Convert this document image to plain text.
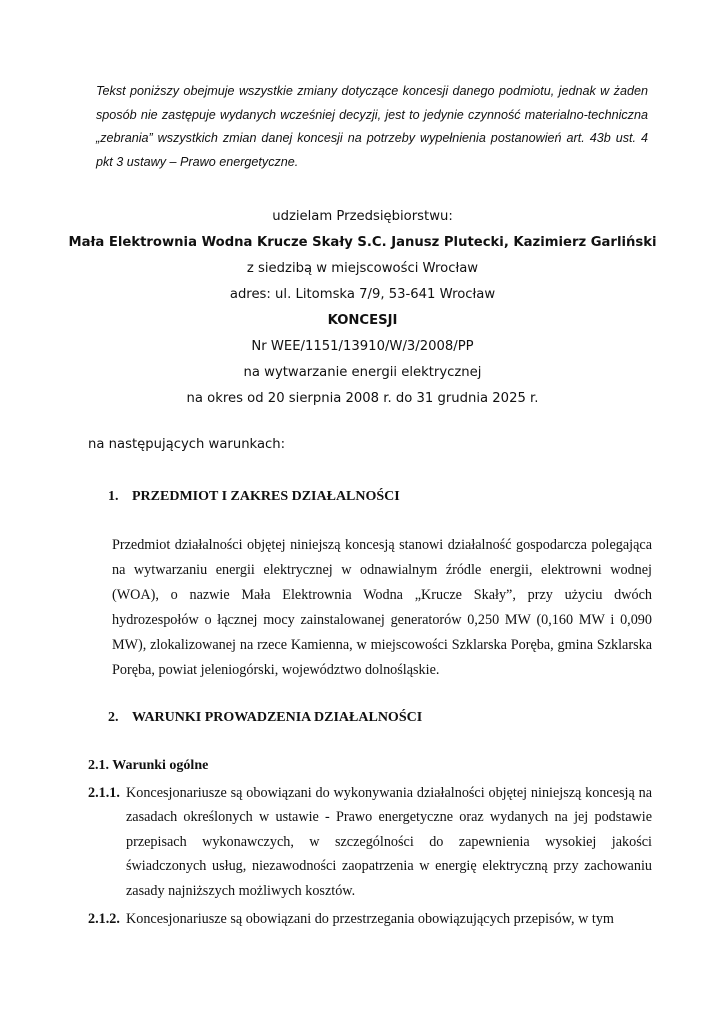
Tekst poniższy obejmuje wszystkie zmiany dotyczące koncesji danego podmiotu, jednak w żaden sposób nie zastępuje wydanych wcześniej decyzji, jest to jedynie czynność materialno-techniczna „zebrania” wszystkich zmian danej koncesji na potrzeby wypełnienia postanowień art. 43b ust. 4 pkt 3 ustawy – Prawo energetyczne.

udzielam Przedsiębiorstwu:
Mała Elektrownia Wodna Krucze Skały S.C. Janusz Plutecki, Kazimierz Garliński
z siedzibą w miejscowości Wrocław
adres: ul. Litomska 7/9, 53-641 Wrocław
KONCESJI
Nr WEE/1151/13910/W/3/2008/PP
na wytwarzanie energii elektrycznej
na okres od 20 sierpnia 2008 r. do 31 grudnia 2025 r.

na następujących warunkach:

1. PRZEDMIOT I ZAKRES DZIAŁALNOŚCI

Przedmiot działalności objętej niniejszą koncesją stanowi działalność gospodarcza polegająca na wytwarzaniu energii elektrycznej w odnawialnym źródle energii, elektrowni wodnej (WOA), o nazwie Mała Elektrownia Wodna „Krucze Skały”, przy użyciu dwóch hydrozespołów o łącznej mocy zainstalowanej generatorów 0,250 MW (0,160 MW i 0,090 MW), zlokalizowanej na rzece Kamienna, w miejscowości Szklarska Poręba, gmina Szklarska Poręba, powiat jeleniogórski, województwo dolnośląskie.

2. WARUNKI PROWADZENIA DZIAŁALNOŚCI

2.1. Warunki ogólne

2.1.1. Koncesjonariusze są obowiązani do wykonywania działalności objętej niniejszą koncesją na zasadach określonych w ustawie - Prawo energetyczne oraz wydanych na jej podstawie przepisach wykonawczych, w szczególności do zapewnienia wysokiej jakości świadczonych usług, niezawodności zaopatrzenia w energię elektryczną przy zachowaniu zasady najniższych możliwych kosztów.
2.1.2. Koncesjonariusze są obowiązani do przestrzegania obowiązujących przepisów, w tym
